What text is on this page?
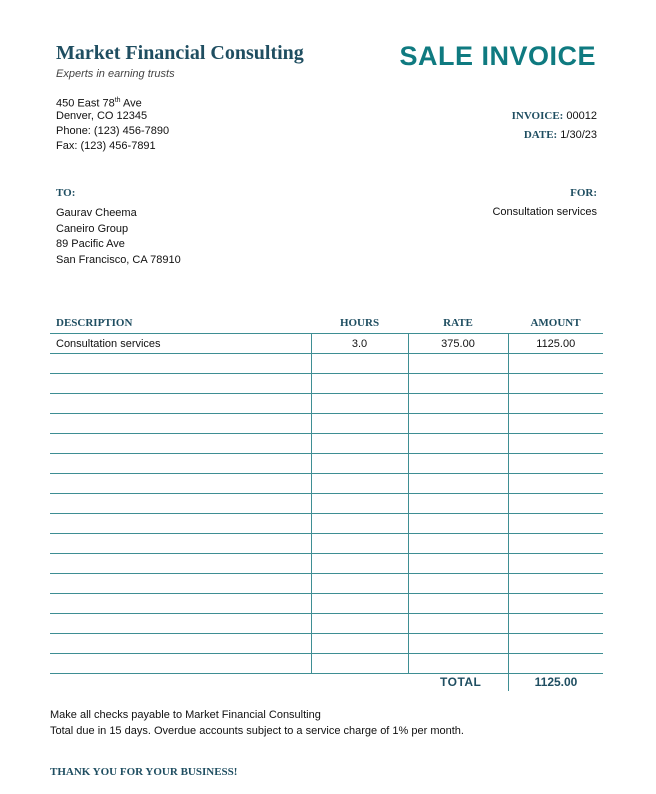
Market Financial Consulting
Experts in earning trusts
SALE INVOICE
450 East 78th Ave
Denver, CO 12345
Phone: (123) 456-7890
Fax: (123) 456-7891
INVOICE: 00012
DATE: 1/30/23
TO:
Gaurav Cheema
Caneiro Group
89 Pacific Ave
San Francisco, CA 78910
FOR:
Consultation services
DESCRIPTION	HOURS	RATE	AMOUNT
Consultation services	3.0	375.00	1125.00

TOTAL	1125.00
Make all checks payable to Market Financial Consulting
Total due in 15 days. Overdue accounts subject to a service charge of 1% per month.
THANK YOU FOR YOUR BUSINESS!
